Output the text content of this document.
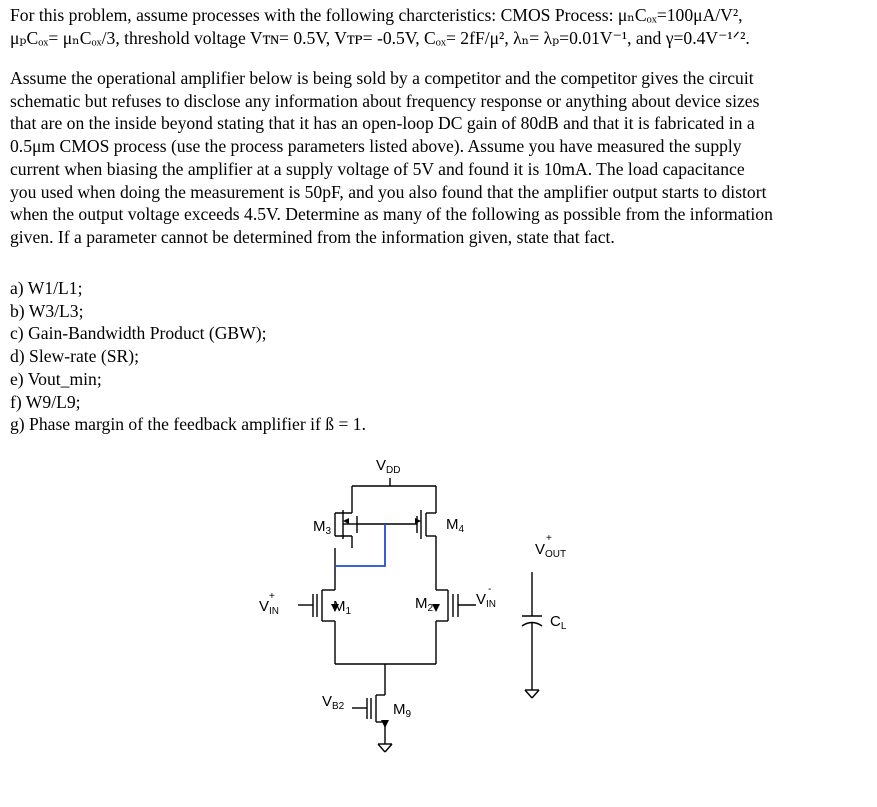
For this problem, assume processes with the following charcteristics: CMOS Process: μₙCₒₓ=100μA/V²,
μₚCₒₓ= μₙCₒₓ/3, threshold voltage Vᴛɴ= 0.5V, Vᴛᴘ= -0.5V, Cₒₓ= 2fF/μ², λₙ= λₚ=0.01V⁻¹, and γ=0.4V⁻¹ᐟ².
Assume the operational amplifier below is being sold by a competitor and the competitor gives the circuit
schematic but refuses to disclose any information about frequency response or anything about device sizes
that are on the inside beyond stating that it has an open-loop DC gain of 80dB and that it is fabricated in a
0.5μm CMOS process (use the process parameters listed above). Assume you have measured the supply
current when biasing the amplifier at a supply voltage of 5V and found it is 10mA. The load capacitance
you used when doing the measurement is 50pF, and you also found that the amplifier output starts to distort
when the output voltage exceeds 4.5V. Determine as many of the following as possible from the information
given. If a parameter cannot be determined from the information given, state that fact.
a) W1/L1;
b) W3/L3;
c) Gain-Bandwidth Product (GBW);
d) Slew-rate (SR);
e) Vout_min;
f) W9/L9;
g) Phase margin of the feedback amplifier if ß = 1.
$V_{DD}$
$M_3$	$M_4$
$M_1$	$M_2$
$M_9$
$V_{IN}$
+	$V_{IN}$
-
$V_{OUT}$
+
$C_L$
$V_{B2}$
